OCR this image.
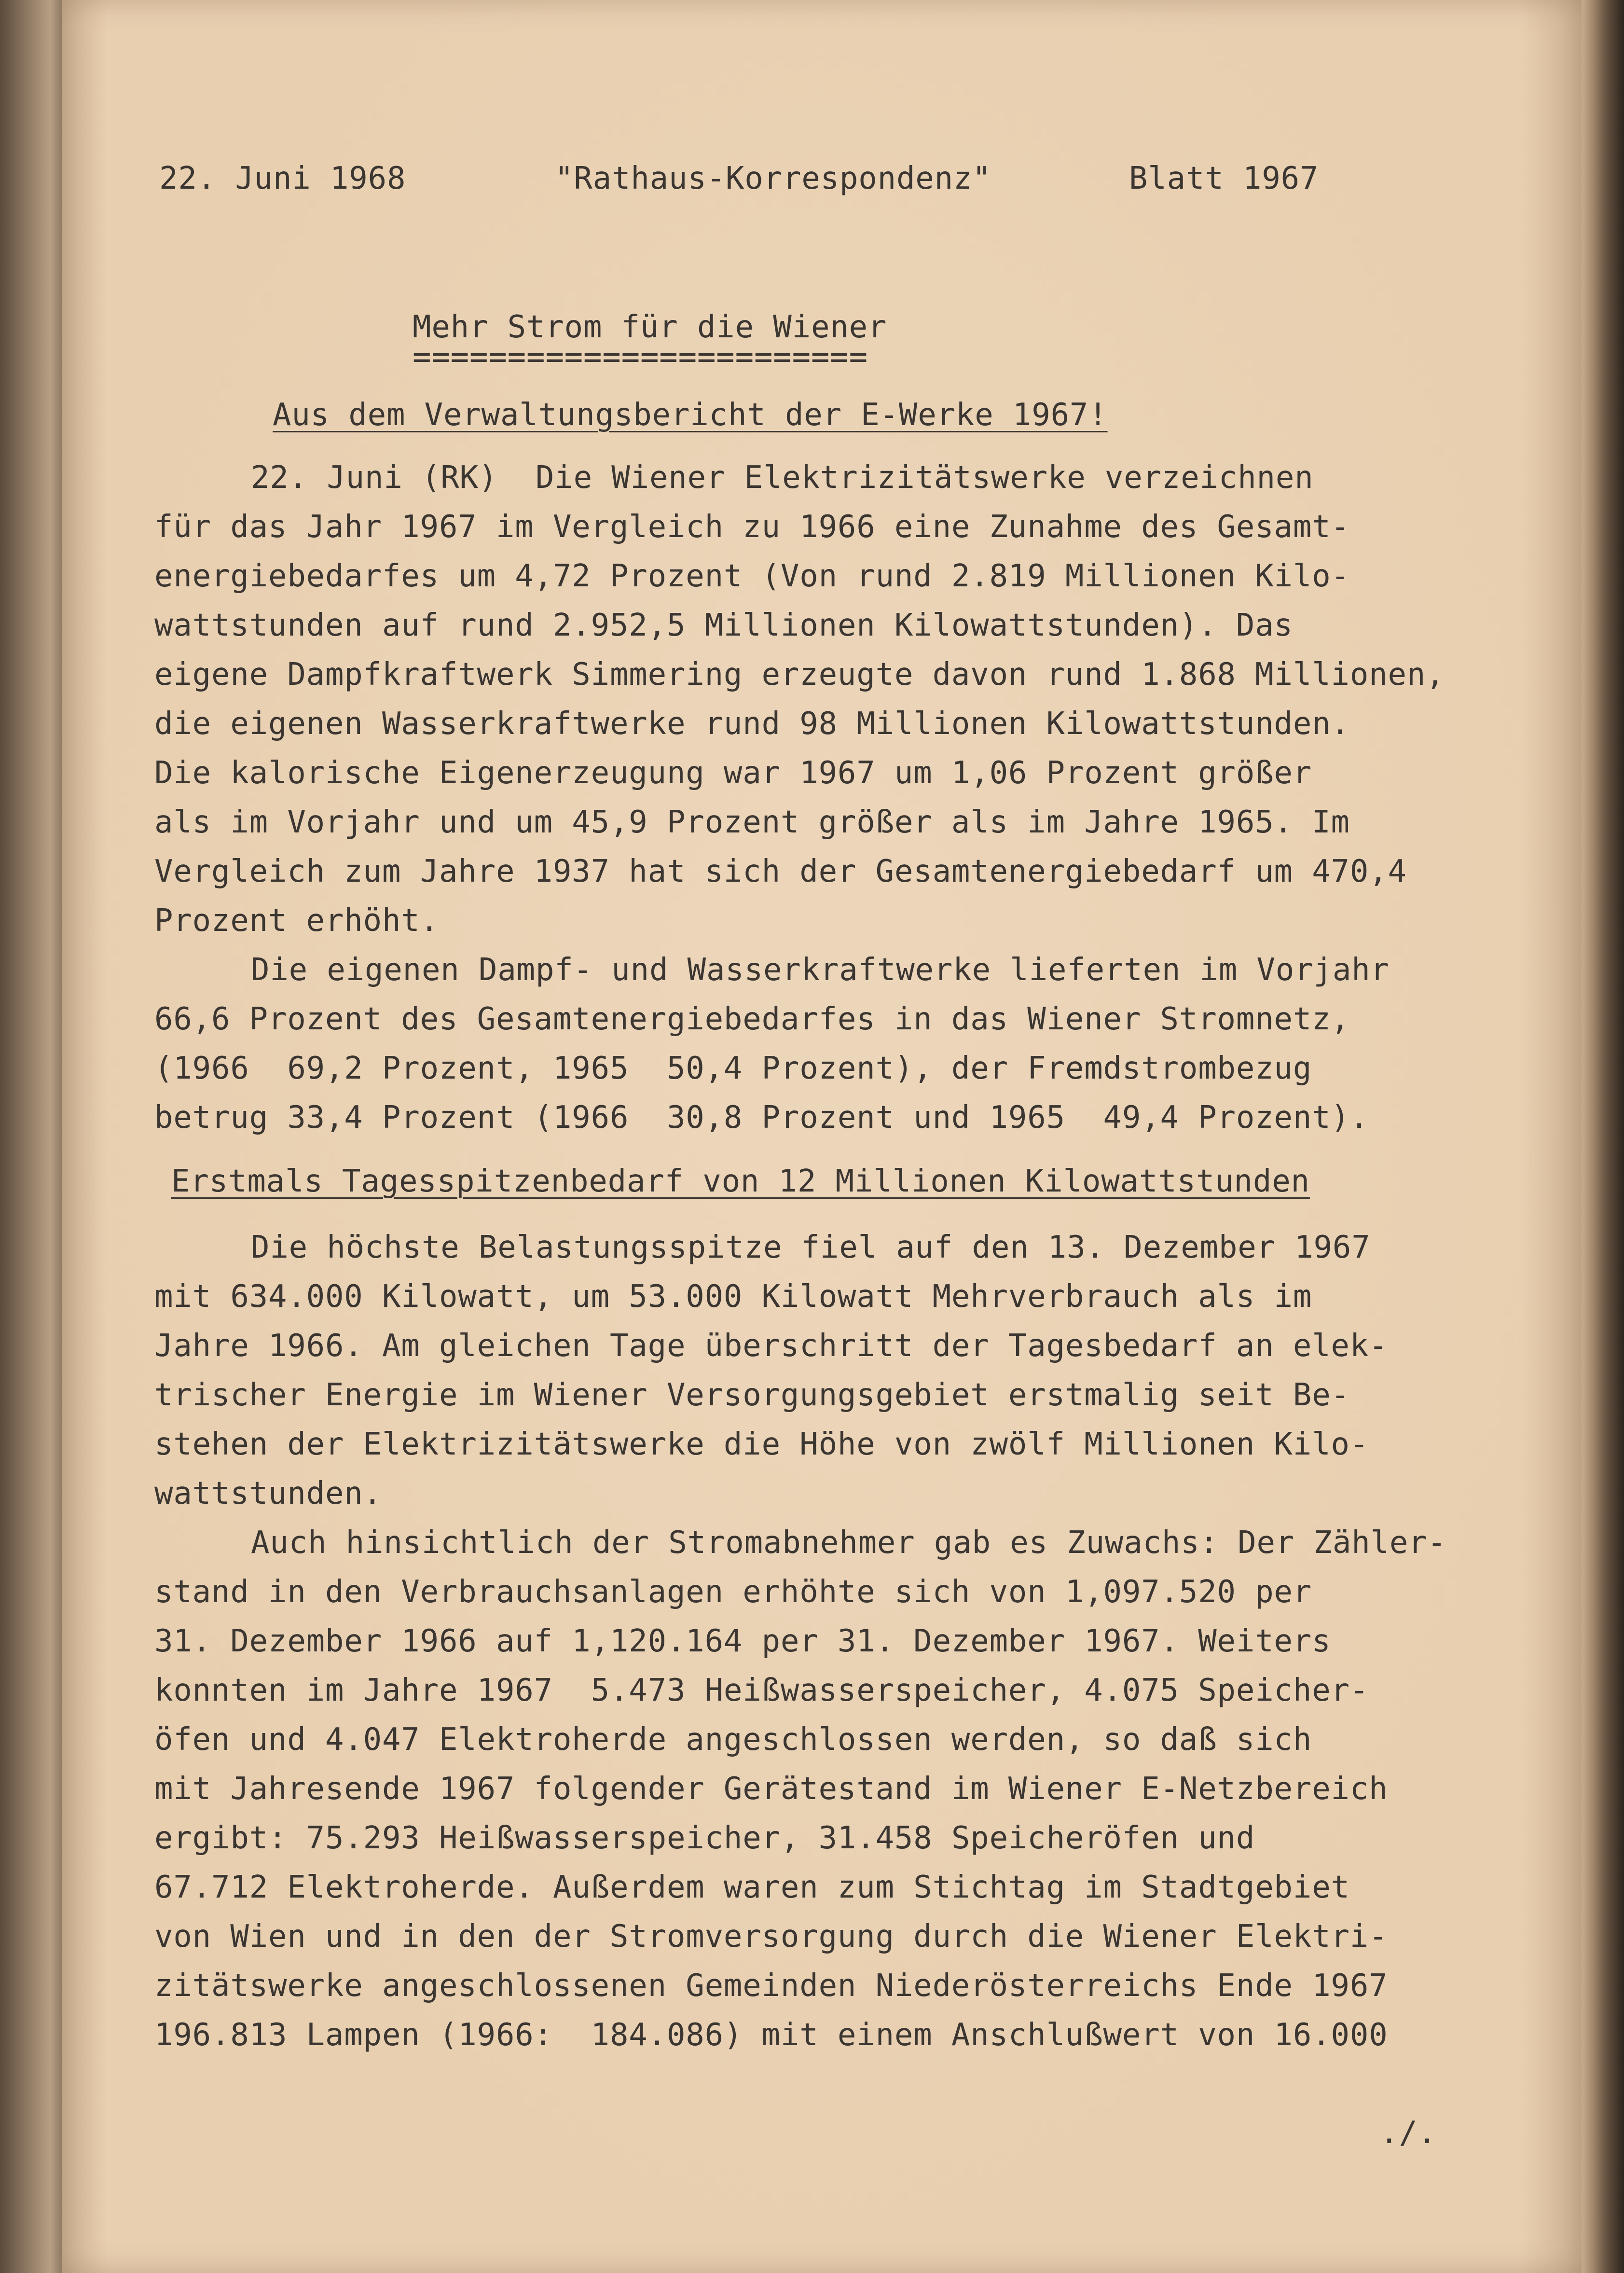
22. Juni 1968	"Rathaus-Korrespondenz"	Blatt 1967
Mehr Strom für die Wiener
========================
Aus dem Verwaltungsbericht der E-Werke 1967!
22. Juni (RK)  Die Wiener Elektrizitätswerke verzeichnen
für das Jahr 1967 im Vergleich zu 1966 eine Zunahme des Gesamt-
energiebedarfes um 4,72 Prozent (Von rund 2.819 Millionen Kilo-
wattstunden auf rund 2.952,5 Millionen Kilowattstunden). Das
eigene Dampfkraftwerk Simmering erzeugte davon rund 1.868 Millionen,
die eigenen Wasserkraftwerke rund 98 Millionen Kilowattstunden.
Die kalorische Eigenerzeugung war 1967 um 1,06 Prozent größer
als im Vorjahr und um 45,9 Prozent größer als im Jahre 1965. Im
Vergleich zum Jahre 1937 hat sich der Gesamtenergiebedarf um 470,4
Prozent erhöht.
Die eigenen Dampf- und Wasserkraftwerke lieferten im Vorjahr
66,6 Prozent des Gesamtenergiebedarfes in das Wiener Stromnetz,
(1966  69,2 Prozent, 1965  50,4 Prozent), der Fremdstrombezug
betrug 33,4 Prozent (1966  30,8 Prozent und 1965  49,4 Prozent).
Erstmals Tagesspitzenbedarf von 12 Millionen Kilowattstunden
Die höchste Belastungsspitze fiel auf den 13. Dezember 1967
mit 634.000 Kilowatt, um 53.000 Kilowatt Mehrverbrauch als im
Jahre 1966. Am gleichen Tage überschritt der Tagesbedarf an elek-
trischer Energie im Wiener Versorgungsgebiet erstmalig seit Be-
stehen der Elektrizitätswerke die Höhe von zwölf Millionen Kilo-
wattstunden.
Auch hinsichtlich der Stromabnehmer gab es Zuwachs: Der Zähler-
stand in den Verbrauchsanlagen erhöhte sich von 1,097.520 per
31. Dezember 1966 auf 1,120.164 per 31. Dezember 1967. Weiters
konnten im Jahre 1967  5.473 Heißwasserspeicher, 4.075 Speicher-
öfen und 4.047 Elektroherde angeschlossen werden, so daß sich
mit Jahresende 1967 folgender Gerätestand im Wiener E-Netzbereich
ergibt: 75.293 Heißwasserspeicher, 31.458 Speicheröfen und
67.712 Elektroherde. Außerdem waren zum Stichtag im Stadtgebiet
von Wien und in den der Stromversorgung durch die Wiener Elektri-
zitätswerke angeschlossenen Gemeinden Niederösterreichs Ende 1967
196.813 Lampen (1966:  184.086) mit einem Anschlußwert von 16.000
./.
